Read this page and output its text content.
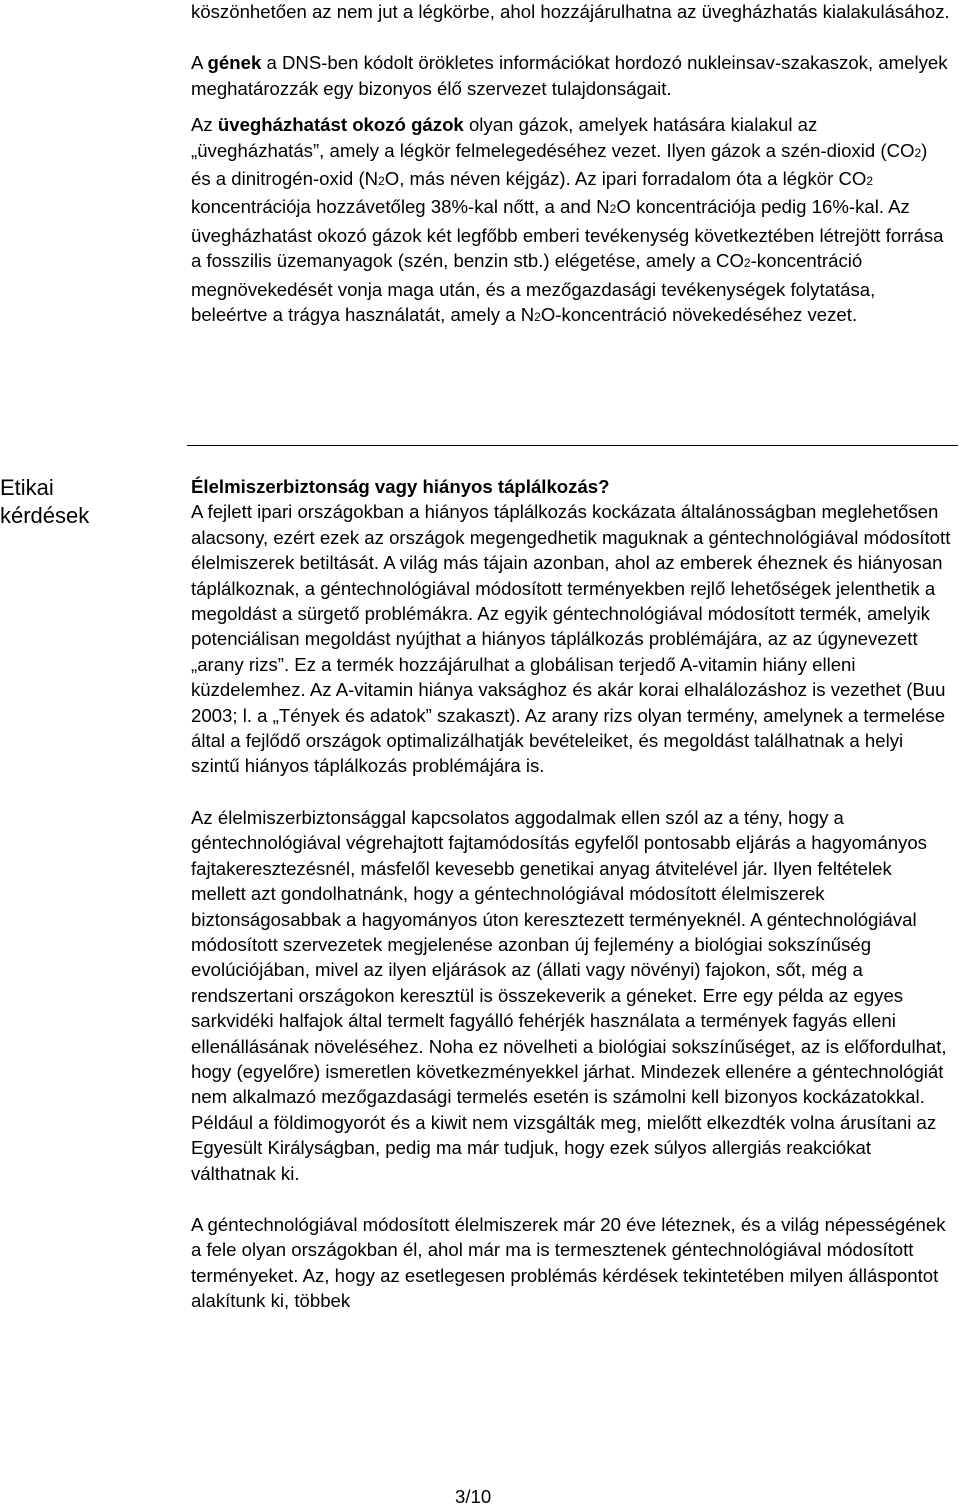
köszönhetően az nem jut a légkörbe, ahol hozzájárulhatna az üvegházhatás kialakulásához.

A gének a DNS-ben kódolt örökletes információkat hordozó nukleinsav-szakaszok, amelyek meghatározzák egy bizonyos élő szervezet tulajdonságait.

Az üvegházhatást okozó gázok olyan gázok, amelyek hatására kialakul az „üvegházhatás”, amely a légkör felmelegedéséhez vezet. Ilyen gázok a szén-dioxid (CO2) és a dinitrogén-oxid (N2O, más néven kéjgáz). Az ipari forradalom óta a légkör CO2 koncentrációja hozzávetőleg 38%-kal nőtt, a and N2O koncentrációja pedig 16%-kal. Az üvegházhatást okozó gázok két legfőbb emberi tevékenység következtében létrejött forrása a fosszilis üzemanyagok (szén, benzin stb.) elégetése, amely a CO2-koncentráció megnövekedését vonja maga után, és a mezőgazdasági tevékenységek folytatása, beleértve a trágya használatát, amely a N2O-koncentráció növekedéséhez vezet.

Etikai
kérdések

Élelmiszerbiztonság vagy hiányos táplálkozás?

A fejlett ipari országokban a hiányos táplálkozás kockázata általánosságban meglehetősen alacsony, ezért ezek az országok megengedhetik maguknak a géntechnológiával módosított élelmiszerek betiltását. A világ más tájain azonban, ahol az emberek éheznek és hiányosan táplálkoznak, a géntechnológiával módosított terményekben rejlő lehetőségek jelenthetik a megoldást a sürgető problémákra. Az egyik géntechnológiával módosított termék, amelyik potenciálisan megoldást nyújthat a hiányos táplálkozás problémájára, az az úgynevezett „arany rizs”. Ez a termék hozzájárulhat a globálisan terjedő A-vitamin hiány elleni küzdelemhez. Az A-vitamin hiánya vaksághoz és akár korai elhalálozáshoz is vezethet (Buu 2003; l. a „Tények és adatok” szakaszt). Az arany rizs olyan termény, amelynek a termelése által a fejlődő országok optimalizálhatják bevételeiket, és megoldást találhatnak a helyi szintű hiányos táplálkozás problémájára is.

Az élelmiszerbiztonsággal kapcsolatos aggodalmak ellen szól az a tény, hogy a géntechnológiával végrehajtott fajtamódosítás egyfelől pontosabb eljárás a hagyományos fajtakeresztezésnél, másfelől kevesebb genetikai anyag átvitelével jár. Ilyen feltételek mellett azt gondolhatnánk, hogy a géntechnológiával módosított élelmiszerek biztonságosabbak a hagyományos úton keresztezett terményeknél. A géntechnológiával módosított szervezetek megjelenése azonban új fejlemény a biológiai sokszínűség evolúciójában, mivel az ilyen eljárások az (állati vagy növényi) fajokon, sőt, még a rendszertani országokon keresztül is összekeverik a géneket. Erre egy példa az egyes sarkvidéki halfajok által termelt fagyálló fehérjék használata a termények fagyás elleni ellenállásának növeléséhez. Noha ez növelheti a biológiai sokszínűséget, az is előfordulhat, hogy (egyelőre) ismeretlen következményekkel járhat. Mindezek ellenére a géntechnológiát nem alkalmazó mezőgazdasági termelés esetén is számolni kell bizonyos kockázatokkal. Például a földimogyorót és a kiwit nem vizsgálták meg, mielőtt elkezdték volna árusítani az Egyesült Királyságban, pedig ma már tudjuk, hogy ezek súlyos allergiás reakciókat válthatnak ki.

A géntechnológiával módosított élelmiszerek már 20 éve léteznek, és a világ népességének a fele olyan országokban él, ahol már ma is termesztenek géntechnológiával módosított terményeket. Az, hogy az esetlegesen problémás kérdések tekintetében milyen álláspontot alakítunk ki, többek

3/10
